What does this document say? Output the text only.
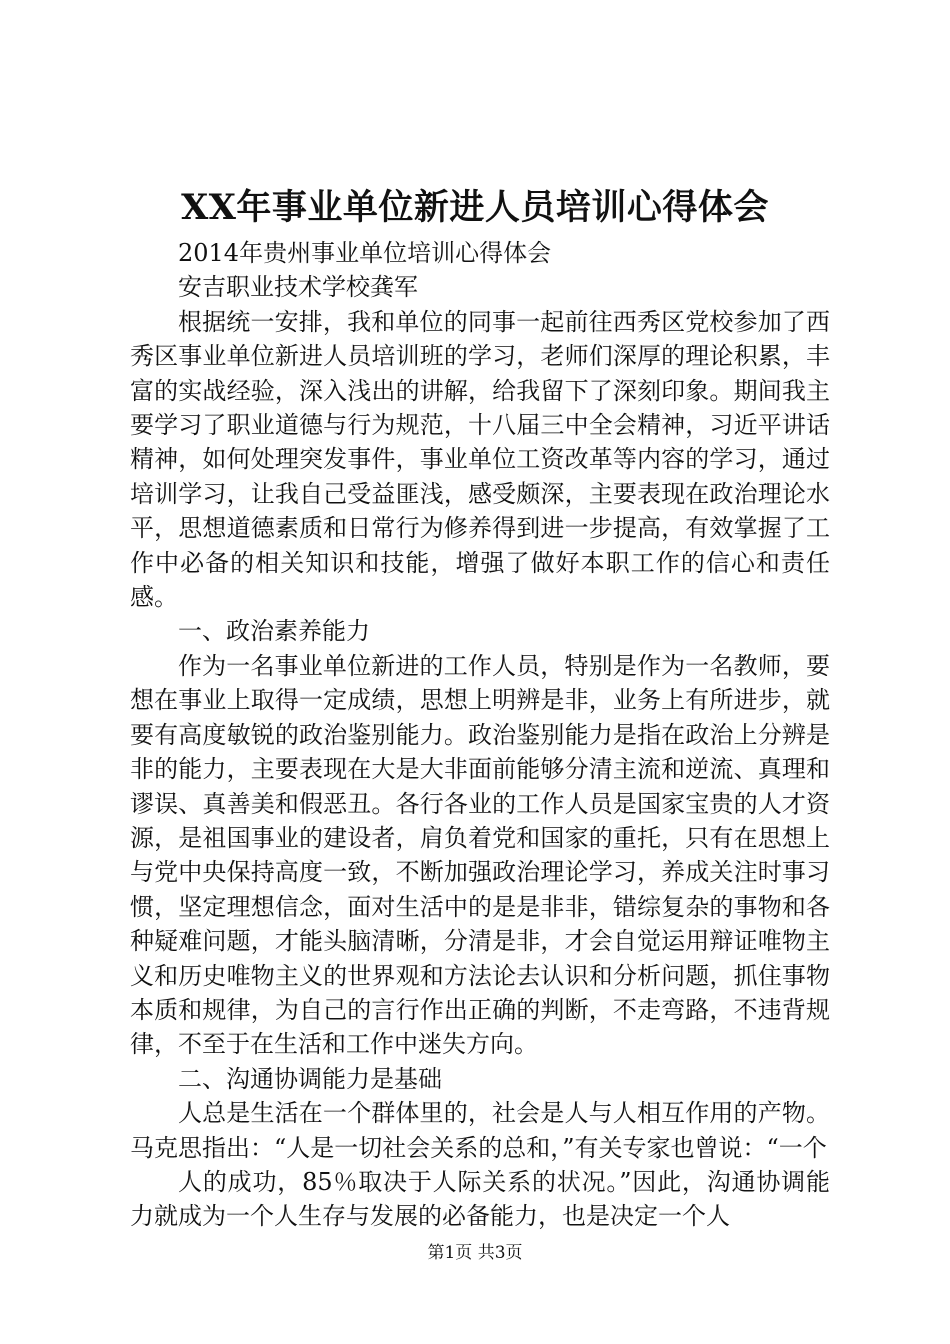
XX年事业单位新进人员培训心得体会

2014年贵州事业单位培训心得体会

安吉职业技术学校龚军

根据统一安排，我和单位的同事一起前往西秀区党校参加了西秀区事业单位新进人员培训班的学习，老师们深厚的理论积累，丰富的实战经验，深入浅出的讲解，给我留下了深刻印象。期间我主要学习了职业道德与行为规范，十八届三中全会精神，习近平讲话精神，如何处理突发事件，事业单位工资改革等内容的学习，通过培训学习，让我自己受益匪浅，感受颇深，主要表现在政治理论水平，思想道德素质和日常行为修养得到进一步提高，有效掌握了工作中必备的相关知识和技能，增强了做好本职工作的信心和责任感。

一、政治素养能力

作为一名事业单位新进的工作人员，特别是作为一名教师，要想在事业上取得一定成绩，思想上明辨是非，业务上有所进步，就要有高度敏锐的政治鉴别能力。政治鉴别能力是指在政治上分辨是非的能力，主要表现在大是大非面前能够分清主流和逆流、真理和谬误、真善美和假恶丑。各行各业的工作人员是国家宝贵的人才资源，是祖国事业的建设者，肩负着党和国家的重托，只有在思想上与党中央保持高度一致，不断加强政治理论学习，养成关注时事习惯，坚定理想信念，面对生活中的是是非非，错综复杂的事物和各种疑难问题，才能头脑清晰，分清是非，才会自觉运用辩证唯物主义和历史唯物主义的世界观和方法论去认识和分析问题，抓住事物本质和规律，为自己的言行作出正确的判断，不走弯路，不违背规律，不至于在生活和工作中迷失方向。

二、沟通协调能力是基础

人总是生活在一个群体里的，社会是人与人相互作用的产物。马克思指出：“人是一切社会关系的总和，”有关专家也曾说：“一个

人的成功，85％取决于人际关系的状况。”因此，沟通协调能力就成为一个人生存与发展的必备能力，也是决定一个人

第1页 共3页
